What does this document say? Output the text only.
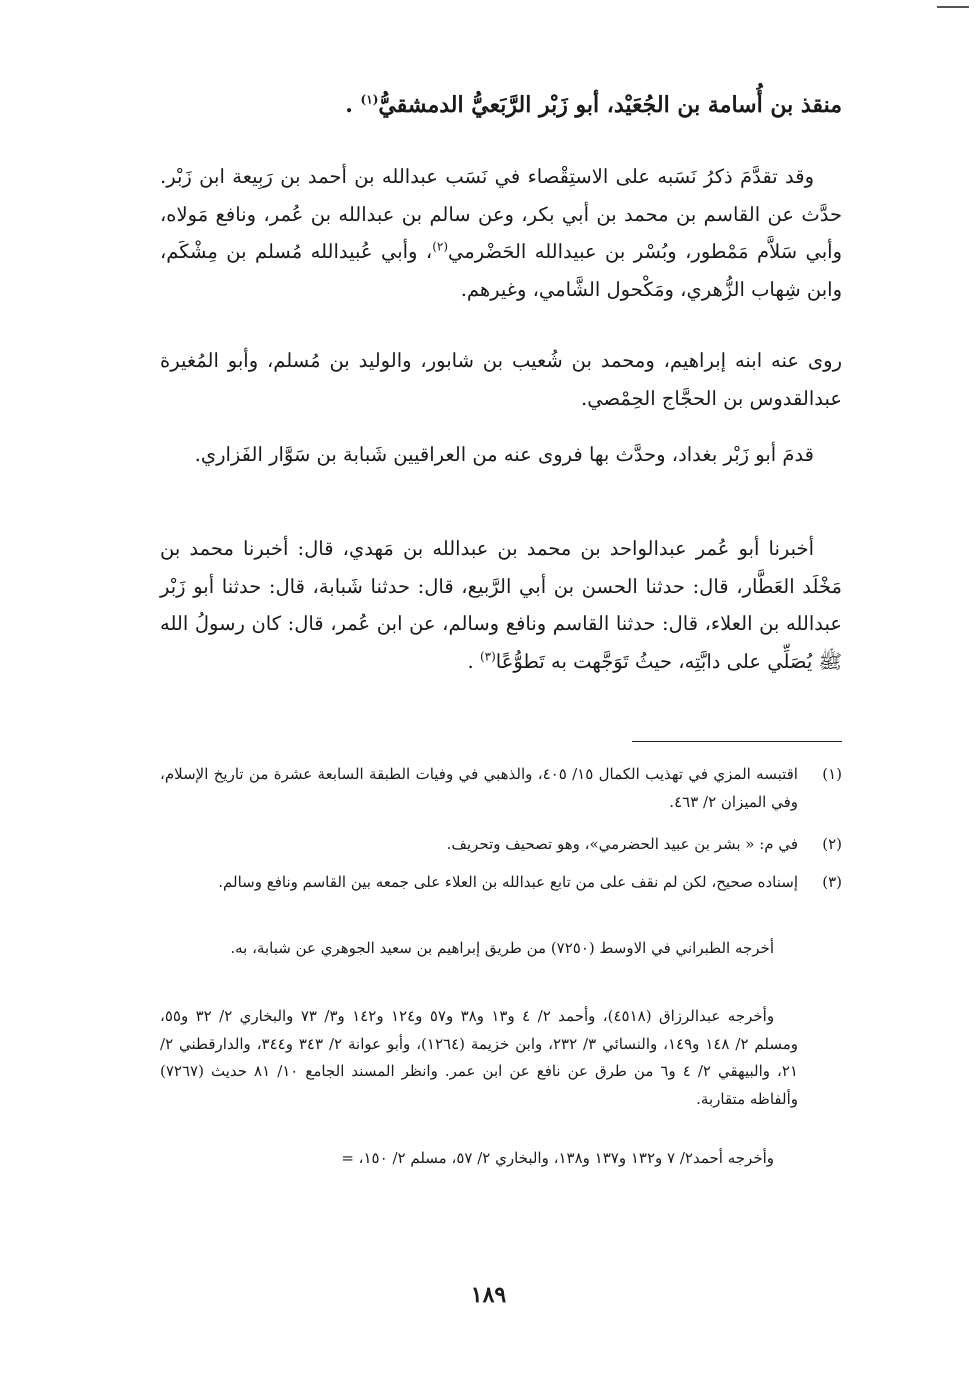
منقذ بن أُسامة بن الجُعَيْد، أبو زَبْر الرَّبَعيُّ الدمشقيُّ$^{(١)}$ .
وقد تقدَّمَ ذكرُ نَسَبه على الاستِقْصاء في نَسَب عبدالله بن أحمد بن رَبِيعة ابن زَبْر. حدَّث عن القاسم بن محمد بن أبي بكر، وعن سالم بن عبدالله بن عُمر، ونافع مَولاه، وأبي سَلاَّم مَمْطور، وبُسْر بن عبيدالله الحَضْرمي$^{(٢)}$، وأبي عُبيدالله مُسلم بن مِشْكَم، وابن شِهاب الزُّهري، ومَكْحول الشَّامي، وغيرهم.
روى عنه ابنه إبراهيم، ومحمد بن شُعيب بن شابور، والوليد بن مُسلم، وأبو المُغيرة عبدالقدوس بن الحجَّاج الحِمْصي.
قدمَ أبو زَبْر بغداد، وحدَّث بها فروى عنه من العراقيين شَبابة بن سَوَّار الفَزاري.
أخبرنا أبو عُمر عبدالواحد بن محمد بن عبدالله بن مَهدي، قال: أخبرنا محمد بن مَخْلَد العَطَّار، قال: حدثنا الحسن بن أبي الرَّبيع، قال: حدثنا شَبابة، قال: حدثنا أبو زَبْر عبدالله بن العلاء، قال: حدثنا القاسم ونافع وسالم، عن ابن عُمر، قال: كان رسولُ الله ﷺ يُصَلِّي على دابَّتِه، حيثُ تَوَجَّهت به تَطوُّعًا$^{(٣)}$ .
(١)
اقتبسه المزي في تهذيب الكمال ١٥/ ٤٠٥، والذهبي في وفيات الطبقة السابعة عشرة من تاريخ الإسلام، وفي الميزان ٢/ ٤٦٣.
(٢)
في م: « بشر بن عبيد الحضرمي»، وهو تصحيف وتحريف.
(٣)
إسناده صحيح، لكن لم نقف على من تابع عبدالله بن العلاء على جمعه بين القاسم ونافع وسالم.
أخرجه الطبراني في الاوسط (٧٢٥٠) من طريق إبراهيم بن سعيد الجوهري عن شبابة، به.
وأخرجه عبدالرزاق (٤٥١٨)، وأحمد ٢/ ٤ و١٣ و٣٨ و٥٧ و١٢٤ و١٤٢ و٣/ ٧٣ والبخاري ٢/ ٣٢ و٥٥، ومسلم ٢/ ١٤٨ و١٤٩، والنسائي ٣/ ٢٣٢، وابن خزيمة (١٢٦٤)، وأبو عوانة ٢/ ٣٤٣ و٣٤٤، والدارقطني ٢/ ٢١، والبيهقي ٢/ ٤ و٦ من طرق عن نافع عن ابن عمر. وانظر المسند الجامع ١٠/ ٨١ حديث (٧٢٦٧) وألفاظه متقاربة.
وأخرجه أحمد٢/ ٧ و١٣٢ و١٣٧ و١٣٨، والبخاري ٢/ ٥٧، مسلم ٢/ ١٥٠، =
١٨٩
